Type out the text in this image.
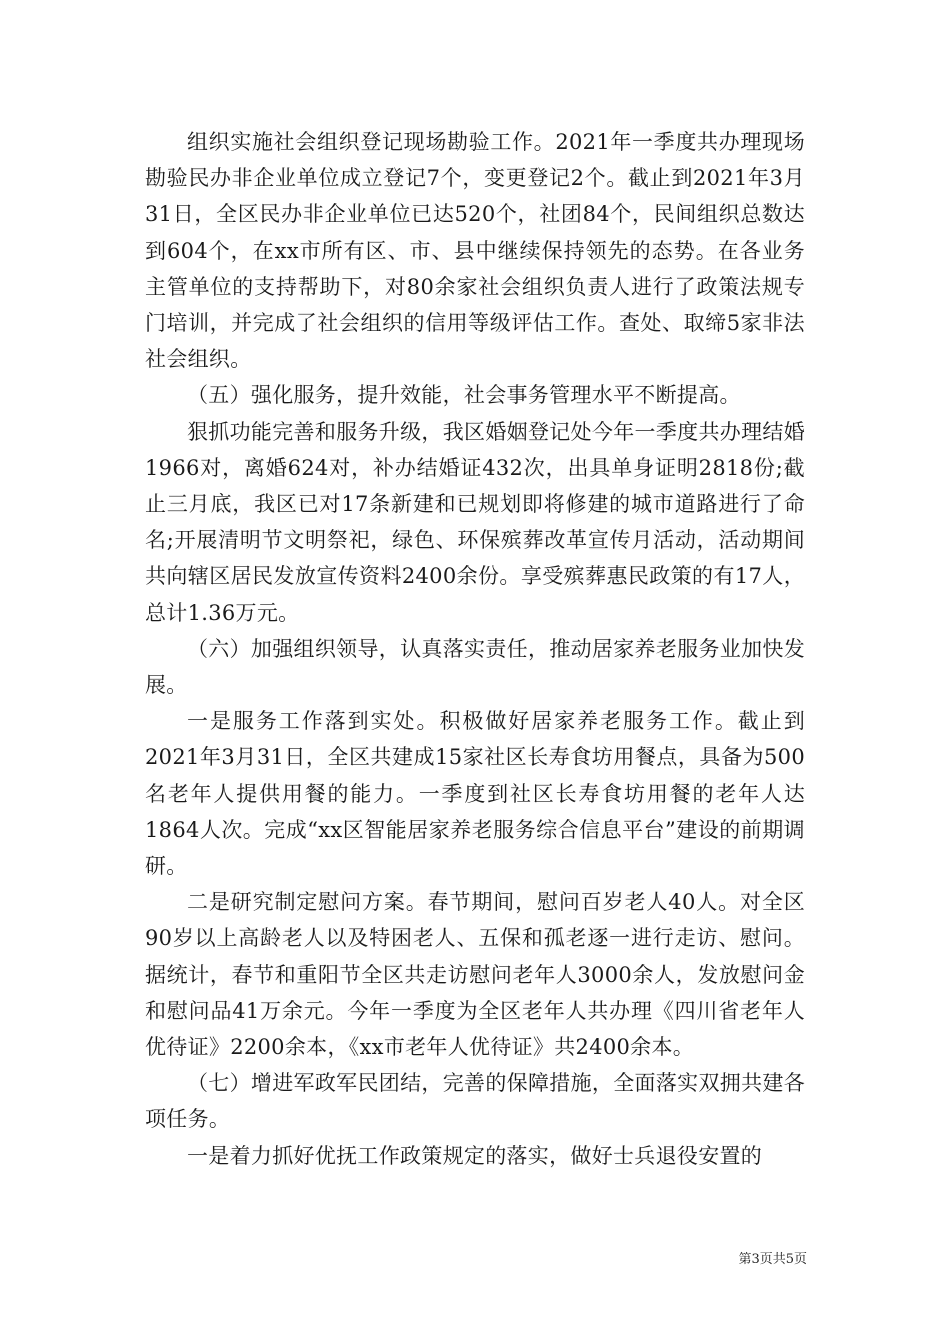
组织实施社会组织登记现场勘验工作。2021年一季度共办理现场勘验民办非企业单位成立登记7个，变更登记2个。截止到2021年3月31日，全区民办非企业单位已达520个，社团84个，民间组织总数达到604个，在xx市所有区、市、县中继续保持领先的态势。在各业务主管单位的支持帮助下，对80余家社会组织负责人进行了政策法规专门培训，并完成了社会组织的信用等级评估工作。查处、取缔5家非法社会组织。

（五）强化服务，提升效能，社会事务管理水平不断提高。

狠抓功能完善和服务升级，我区婚姻登记处今年一季度共办理结婚1966对，离婚624对，补办结婚证432次，出具单身证明2818份;截止三月底，我区已对17条新建和已规划即将修建的城市道路进行了命名;开展清明节文明祭祀，绿色、环保殡葬改革宣传月活动，活动期间共向辖区居民发放宣传资料2400余份。享受殡葬惠民政策的有17人，总计1.36万元。

（六）加强组织领导，认真落实责任，推动居家养老服务业加快发展。

一是服务工作落到实处。积极做好居家养老服务工作。截止到2021年3月31日，全区共建成15家社区长寿食坊用餐点，具备为500名老年人提供用餐的能力。一季度到社区长寿食坊用餐的老年人达1864人次。完成“xx区智能居家养老服务综合信息平台”建设的前期调研。

二是研究制定慰问方案。春节期间，慰问百岁老人40人。对全区90岁以上高龄老人以及特困老人、五保和孤老逐一进行走访、慰问。据统计，春节和重阳节全区共走访慰问老年人3000余人，发放慰问金和慰问品41万余元。今年一季度为全区老年人共办理《四川省老年人优待证》2200余本，《xx市老年人优待证》共2400余本。

（七）增进军政军民团结，完善的保障措施，全面落实双拥共建各项任务。

一是着力抓好优抚工作政策规定的落实，做好士兵退役安置的

第3页共5页
